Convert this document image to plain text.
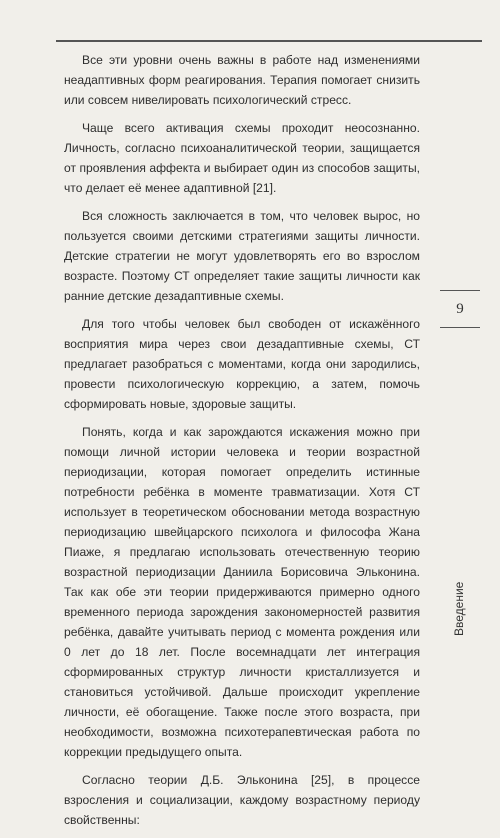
Все эти уровни очень важны в работе над изменениями неадаптивных форм реагирования. Терапия помогает снизить или совсем нивелировать психологический стресс.

Чаще всего активация схемы проходит неосознанно. Личность, согласно психоаналитической теории, защищается от проявления аффекта и выбирает один из способов защиты, что делает её менее адаптивной [21].

Вся сложность заключается в том, что человек вырос, но пользуется своими детскими стратегиями защиты личности. Детские стратегии не могут удовлетворять его во взрослом возрасте. Поэтому СТ определяет такие защиты личности как ранние детские дезадаптивные схемы.

Для того чтобы человек был свободен от искажённого восприятия мира через свои дезадаптивные схемы, СТ предлагает разобраться с моментами, когда они зародились, провести психологическую коррекцию, а затем, помочь сформировать новые, здоровые защиты.

Понять, когда и как зарождаются искажения можно при помощи личной истории человека и теории возрастной периодизации, которая помогает определить истинные потребности ребёнка в моменте травматизации. Хотя СТ использует в теоретическом обосновании метода возрастную периодизацию швейцарского психолога и философа Жана Пиаже, я предлагаю использовать отечественную теорию возрастной периодизации Даниила Борисовича Эльконина. Так как обе эти теории придерживаются примерно одного временного периода зарождения закономерностей развития ребёнка, давайте учитывать период с момента рождения или 0 лет до 18 лет. После восемнадцати лет интеграция сформированных структур личности кристаллизуется и становиться устойчивой. Дальше происходит укрепление личности, её обогащение. Также после этого возраста, при необходимости, возможна психотерапевтическая работа по коррекции предыдущего опыта.

Согласно теории Д.Б. Эльконина [25], в процессе взросления и социализации, каждому возрастному периоду свойственны:

9
Введение
